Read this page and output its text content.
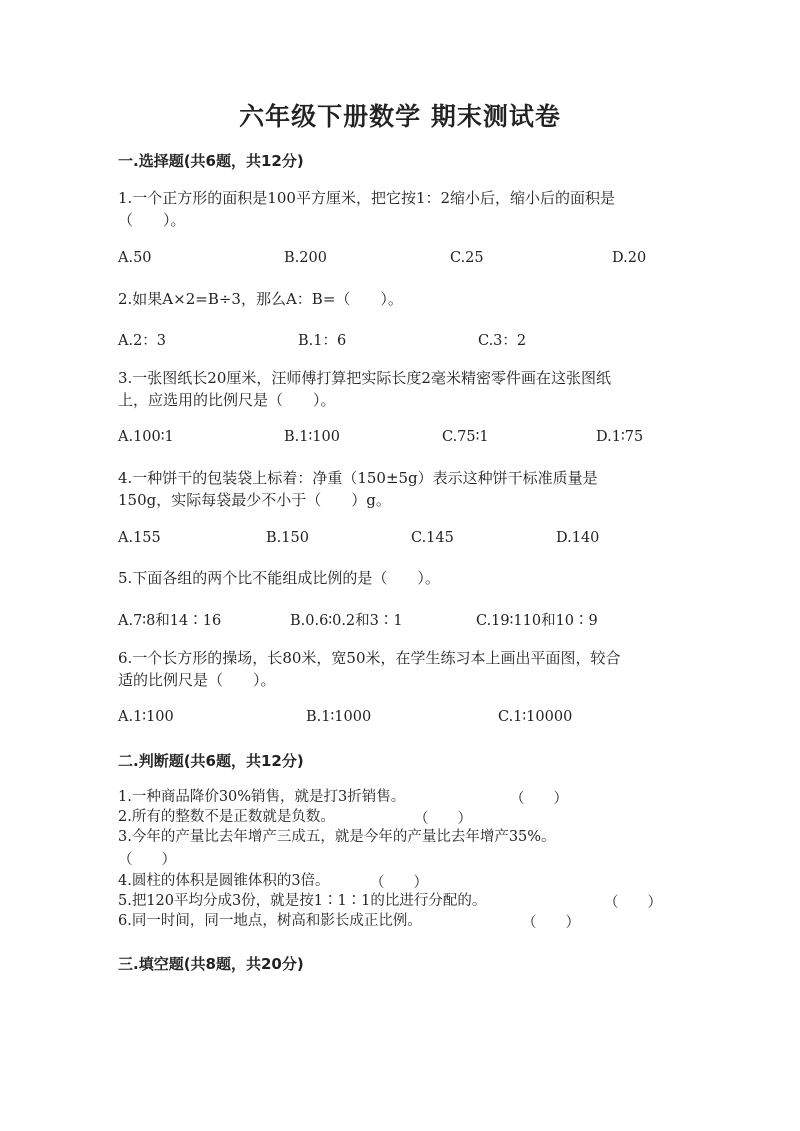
六年级下册数学 期末测试卷
一.选择题(共6题，共12分)
1.一个正方形的面积是100平方厘米，把它按1：2缩小后，缩小后的面积是
（　　）。
A.50	B.200	C.25	D.20
2.如果A×2=B÷3，那么A：B=（　　）。
A.2：3	B.1：6	C.3：2
3.一张图纸长20厘米，汪师傅打算把实际长度2毫米精密零件画在这张图纸
上，应选用的比例尺是（　　）。
A.100∶1	B.1∶100	C.75∶1	D.1∶75
4.一种饼干的包装袋上标着：净重（150±5g）表示这种饼干标准质量是
150g，实际每袋最少不小于（　　）g。
A.155	B.150	C.145	D.140
5.下面各组的两个比不能组成比例的是（　　）。
A.7∶8和14∶16	B.0.6∶0.2和3∶1	C.19∶110和10∶9
6.一个长方形的操场，长80米，宽50米，在学生练习本上画出平面图，较合
适的比例尺是（　　）。
A.1∶100	B.1∶1000	C.1∶10000
二.判断题(共6题，共12分)
1.一种商品降价30%销售，就是打3折销售。	（　　）
2.所有的整数不是正数就是负数。	（　　）
3.今年的产量比去年增产三成五，就是今年的产量比去年增产35%。
（　　）
4.圆柱的体积是圆锥体积的3倍。	（　　）
5.把120平均分成3份，就是按1∶1∶1的比进行分配的。	（　　）
6.同一时间，同一地点，树高和影长成正比例。	（　　）
三.填空题(共8题，共20分)
